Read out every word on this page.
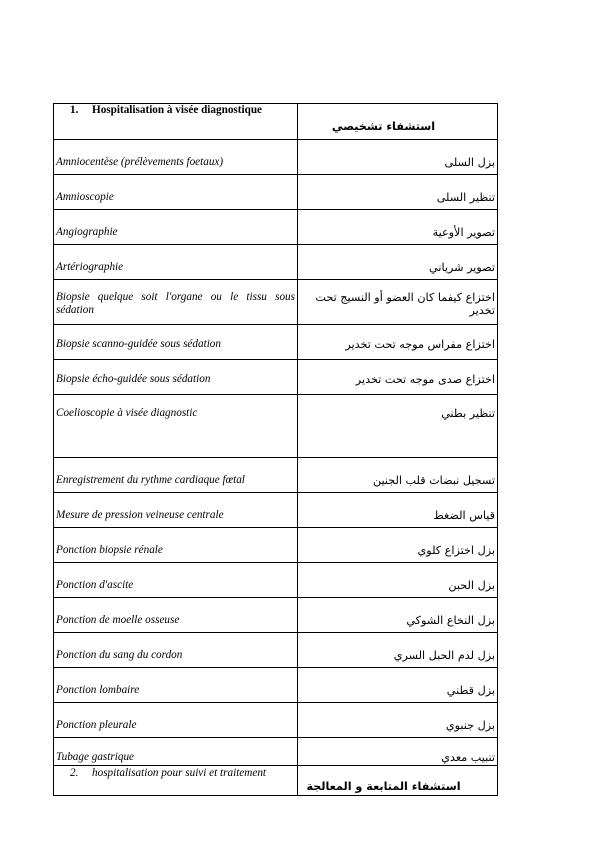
1. Hospitalisation à visée diagnostique	استشفاء تشخيصي

Amniocentèse (prélèvements foetaux)	بزل السلى

Amnioscopie	تنظير السلى

Angiographie	تصوير الأوعية

Artériographie	تصوير شرياني

Biopsie quelque soit l'organe ou le tissu sous
sédation	اختزاع كيفما كان العضو أو النسيج تحت تخدير

Biopsie scanno-guidée sous sédation	اختزاع مفراس موجه تحت تخدير

Biopsie écho-guidée sous sédation	اختزاع صدى موجه تحت تخدير

Coelioscopie à visée diagnostic	تنظير بطني

Enregistrement du rythme cardiaque fœtal	تسجيل نبضات قلب الجنين

Mesure de pression veineuse centrale	قياس الضغط

Ponction biopsie rénale	بزل اختزاع كلوي

Ponction d'ascite	بزل الحبن

Ponction de moelle osseuse	بزل النخاع الشوكي

Ponction du sang du cordon	بزل لدم الحبل السري

Ponction lombaire	بزل قطني

Ponction pleurale	بزل جنبوي

Tubage gastrique	تنبيب معدي

2. hospitalisation pour suivi et traitement	استشفاء المتابعة و المعالجة
